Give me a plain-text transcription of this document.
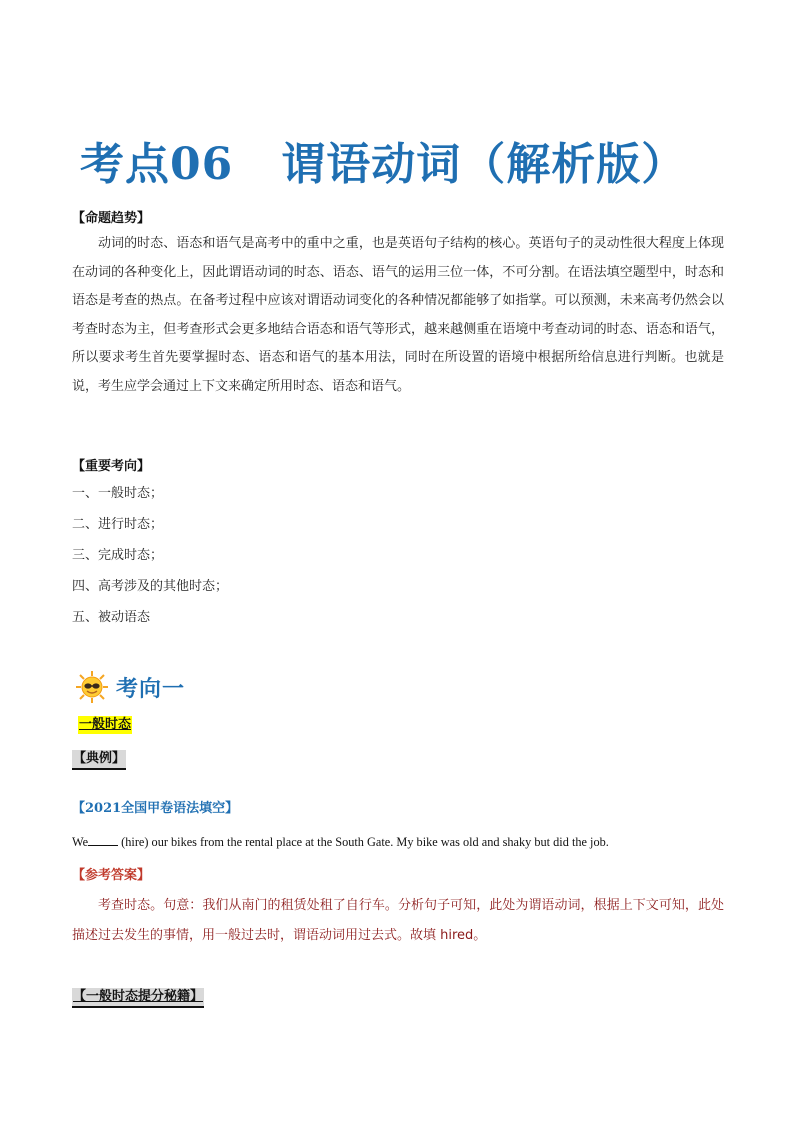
考点06 谓语动词（解析版）
【命题趋势】

动词的时态、语态和语气是高考中的重中之重，也是英语句子结构的核心。英语句子的灵动性很大程度上体现在动词的各种变化上，因此谓语动词的时态、语态、语气的运用三位一体，不可分割。在语法填空题型中，时态和语态是考查的热点。在备考过程中应该对谓语动词变化的各种情况都能够了如指掌。可以预测，未来高考仍然会以考查时态为主，但考查形式会更多地结合语态和语气等形式，越来越侧重在语境中考查动词的时态、语态和语气，所以要求考生首先要掌握时态、语态和语气的基本用法，同时在所设置的语境中根据所给信息进行判断。也就是说，考生应学会通过上下文来确定所用时态、语态和语气。

【重要考向】
一、一般时态；
二、进行时态；
三、完成时态；
四、高考涉及的其他时态；
五、被动语态
考向一
一般时态
【典例】
【2021全国甲卷语法填空】

We (hire) our bikes from the rental place at the South Gate. My bike was old and shaky but did the job.

【参考答案】

考查时态。句意：我们从南门的租赁处租了自行车。分析句子可知，此处为谓语动词，根据上下文可知，此处描述过去发生的事情，用一般过去时，谓语动词用过去式。故填 hired。

【一般时态提分秘籍】
